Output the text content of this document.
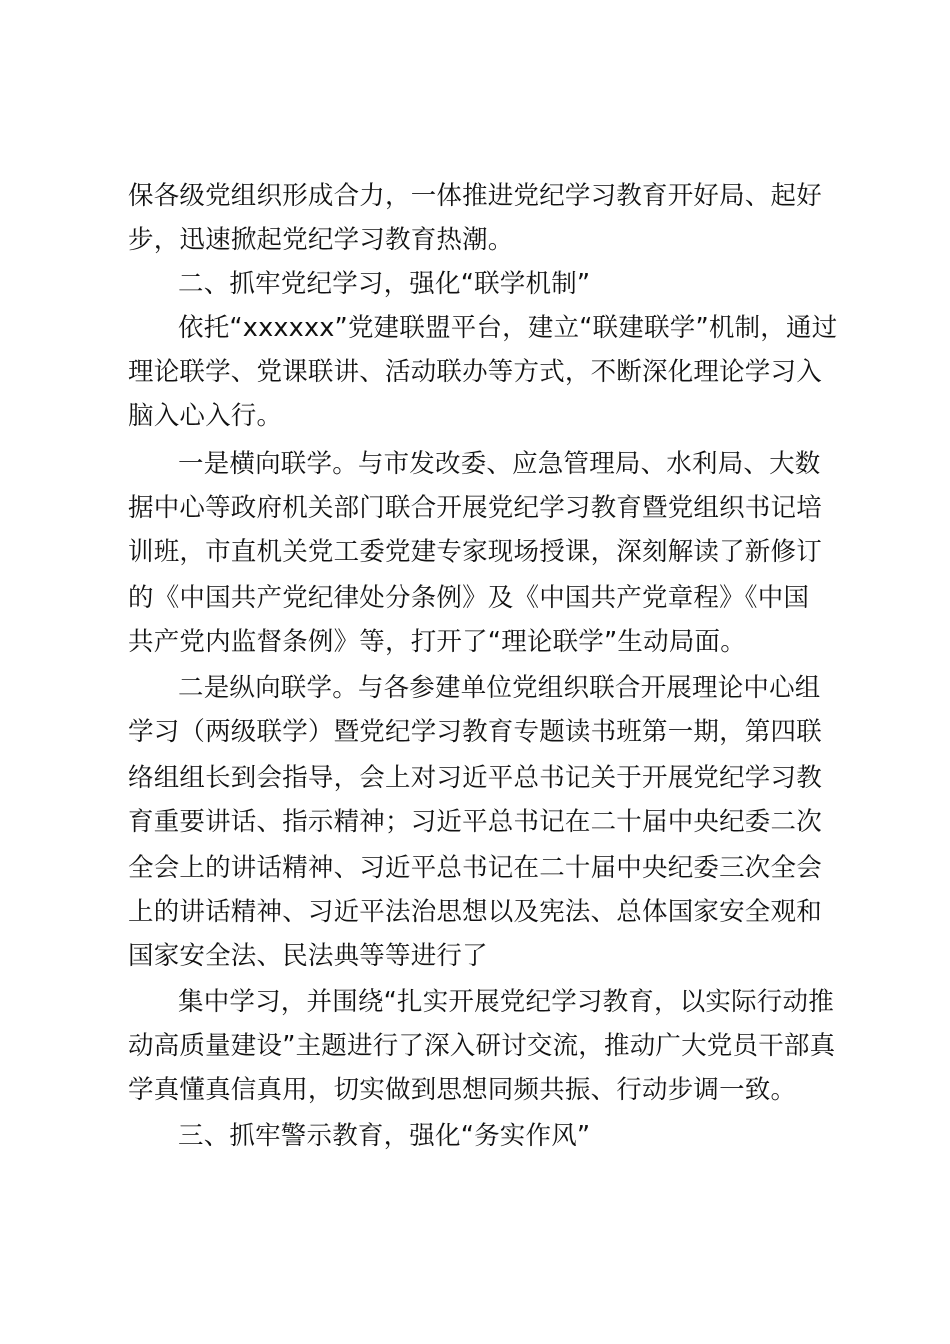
保各级党组织形成合力，一体推进党纪学习教育开好局、起好
步，迅速掀起党纪学习教育热潮。
二、抓牢党纪学习，强化“联学机制”
依托“xxxxxx”党建联盟平台，建立“联建联学”机制，通过
理论联学、党课联讲、活动联办等方式，不断深化理论学习入
脑入心入行。
一是横向联学。与市发改委、应急管理局、水利局、大数
据中心等政府机关部门联合开展党纪学习教育暨党组织书记培
训班，市直机关党工委党建专家现场授课，深刻解读了新修订
的《中国共产党纪律处分条例》及《中国共产党章程》《中国
共产党内监督条例》等，打开了“理论联学”生动局面。
二是纵向联学。与各参建单位党组织联合开展理论中心组
学习（两级联学）暨党纪学习教育专题读书班第一期，第四联
络组组长到会指导，会上对习近平总书记关于开展党纪学习教
育重要讲话、指示精神；习近平总书记在二十届中央纪委二次
全会上的讲话精神、习近平总书记在二十届中央纪委三次全会
上的讲话精神、习近平法治思想以及宪法、总体国家安全观和
国家安全法、民法典等等进行了
集中学习，并围绕“扎实开展党纪学习教育，以实际行动推
动高质量建设”主题进行了深入研讨交流，推动广大党员干部真
学真懂真信真用，切实做到思想同频共振、行动步调一致。
三、抓牢警示教育，强化“务实作风”
